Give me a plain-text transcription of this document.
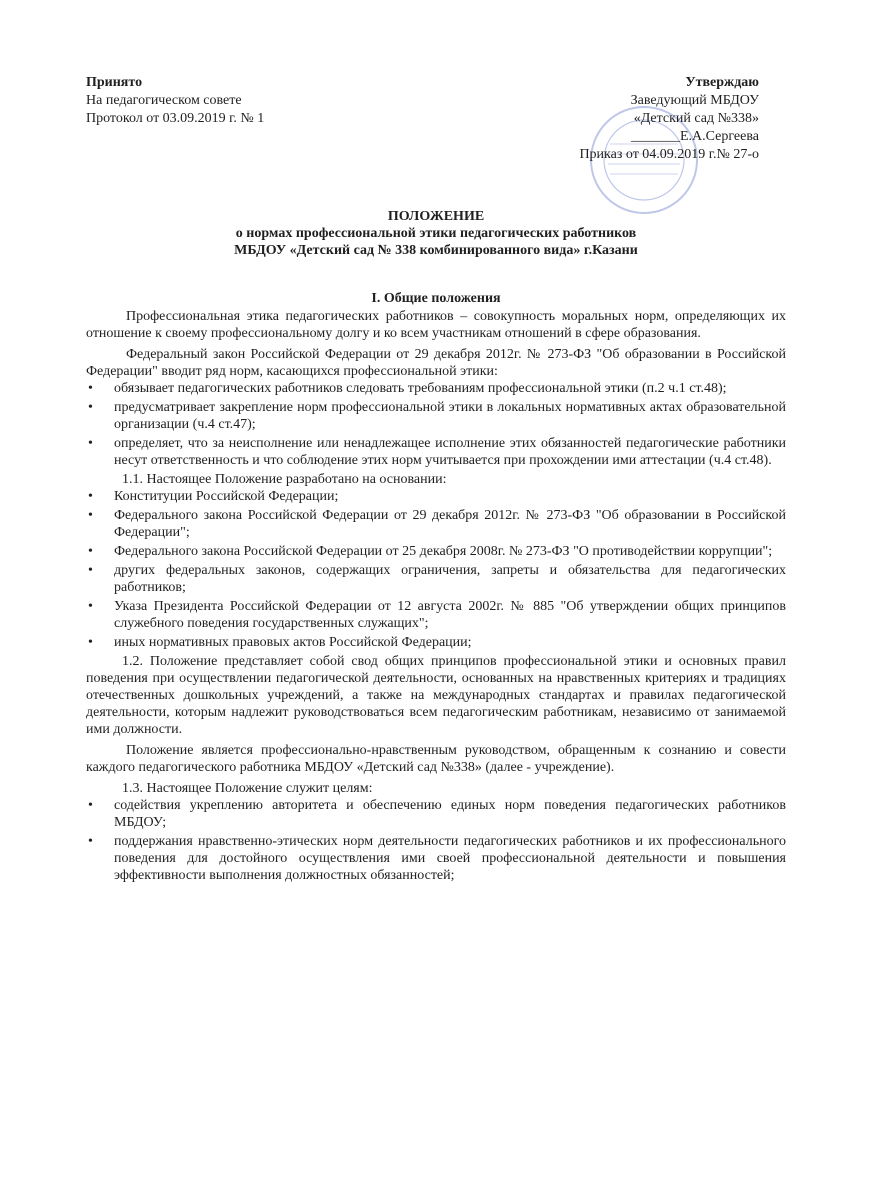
Принято
На педагогическом совете
Протокол от 03.09.2019 г. № 1
Утверждаю
Заведующий МБДОУ
«Детский сад №338»
_______Е.А.Сергеева
Приказ от 04.09.2019 г.№ 27-о
ПОЛОЖЕНИЕ
о нормах профессиональной этики педагогических работников
МБДОУ «Детский сад № 338 комбинированного вида» г.Казани

I. Общие положения

Профессиональная этика педагогических работников – совокупность моральных норм, определяющих их отношение к своему профессиональному долгу и ко всем участникам отношений в сфере образования.

Федеральный закон Российской Федерации от 29 декабря 2012г. № 273-ФЗ "Об образовании в Российской Федерации" вводит ряд норм, касающихся профессиональной этики:

• обязывает педагогических работников следовать требованиям профессиональной этики (п.2 ч.1 ст.48);
• предусматривает закрепление норм профессиональной этики в локальных нормативных актах образовательной организации (ч.4 ст.47);
• определяет, что за неисполнение или ненадлежащее исполнение этих обязанностей педагогические работники несут ответственность и что соблюдение этих норм учитывается при прохождении ими аттестации (ч.4 ст.48).

1.1. Настоящее Положение разработано на основании:

• Конституции Российской Федерации;
• Федерального закона Российской Федерации от 29 декабря 2012г. № 273-ФЗ "Об образовании в Российской Федерации";
• Федерального закона Российской Федерации от 25 декабря 2008г. № 273-ФЗ "О противодействии коррупции";
• других федеральных законов, содержащих ограничения, запреты и обязательства для педагогических работников;
• Указа Президента Российской Федерации от 12 августа 2002г. № 885 "Об утверждении общих принципов служебного поведения государственных служащих";
• иных нормативных правовых актов Российской Федерации;

1.2. Положение представляет собой свод общих принципов профессиональной этики и основных правил поведения при осуществлении педагогической деятельности, основанных на нравственных критериях и традициях отечественных дошкольных учреждений, а также на международных стандартах и правилах педагогической деятельности, которым надлежит руководствоваться всем педагогическим работникам, независимо от занимаемой ими должности.

Положение является профессионально-нравственным руководством, обращенным к сознанию и совести каждого педагогического работника МБДОУ «Детский сад №338» (далее - учреждение).

1.3. Настоящее Положение служит целям:

• содействия укреплению авторитета и обеспечению единых норм поведения педагогических работников МБДОУ;
• поддержания нравственно-этических норм деятельности педагогических работников и их профессионального поведения для достойного осуществления ими своей профессиональной деятельности и повышения эффективности выполнения должностных обязанностей;
